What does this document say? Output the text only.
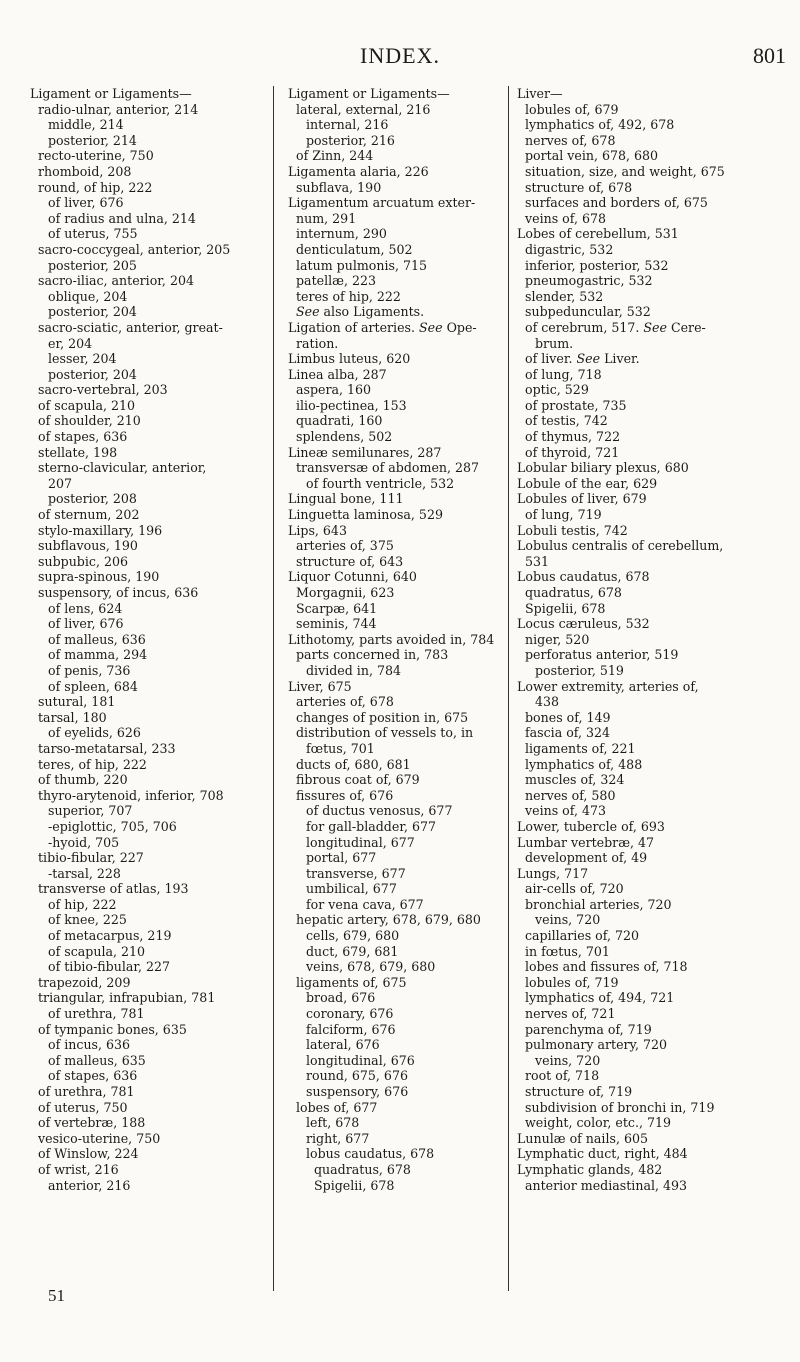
INDEX.	801
Ligament or Ligaments—
radio-ulnar, anterior, 214
middle, 214
posterior, 214
recto-uterine, 750
rhomboid, 208
round, of hip, 222
of liver, 676
of radius and ulna, 214
of uterus, 755
sacro-coccygeal, anterior, 205
posterior, 205
sacro-iliac, anterior, 204
oblique, 204
posterior, 204
sacro-sciatic, anterior, great-
er, 204
lesser, 204
posterior, 204
sacro-vertebral, 203
of scapula, 210
of shoulder, 210
of stapes, 636
stellate, 198
sterno-clavicular, anterior,
207
posterior, 208
of sternum, 202
stylo-maxillary, 196
subflavous, 190
subpubic, 206
supra-spinous, 190
suspensory, of incus, 636
of lens, 624
of liver, 676
of malleus, 636
of mamma, 294
of penis, 736
of spleen, 684
sutural, 181
tarsal, 180
of eyelids, 626
tarso-metatarsal, 233
teres, of hip, 222
of thumb, 220
thyro-arytenoid, inferior, 708
superior, 707
-epiglottic, 705, 706
-hyoid, 705
tibio-fibular, 227
-tarsal, 228
transverse of atlas, 193
of hip, 222
of knee, 225
of metacarpus, 219
of scapula, 210
of tibio-fibular, 227
trapezoid, 209
triangular, infrapubian, 781
of urethra, 781
of tympanic bones, 635
of incus, 636
of malleus, 635
of stapes, 636
of urethra, 781
of uterus, 750
of vertebræ, 188
vesico-uterine, 750
of Winslow, 224
of wrist, 216
anterior, 216
Ligament or Ligaments—
lateral, external, 216
internal, 216
posterior, 216
of Zinn, 244
Ligamenta alaria, 226
subflava, 190
Ligamentum arcuatum exter-
num, 291
internum, 290
denticulatum, 502
latum pulmonis, 715
patellæ, 223
teres of hip, 222
See also Ligaments.
Ligation of arteries. See Ope-
ration.
Limbus luteus, 620
Linea alba, 287
aspera, 160
ilio-pectinea, 153
quadrati, 160
splendens, 502
Lineæ semilunares, 287
transversæ of abdomen, 287
of fourth ventricle, 532
Lingual bone, 111
Linguetta laminosa, 529
Lips, 643
arteries of, 375
structure of, 643
Liquor Cotunni, 640
Morgagnii, 623
Scarpæ, 641
seminis, 744
Lithotomy, parts avoided in, 784
parts concerned in, 783
divided in, 784
Liver, 675
arteries of, 678
changes of position in, 675
distribution of vessels to, in
fœtus, 701
ducts of, 680, 681
fibrous coat of, 679
fissures of, 676
of ductus venosus, 677
for gall-bladder, 677
longitudinal, 677
portal, 677
transverse, 677
umbilical, 677
for vena cava, 677
hepatic artery, 678, 679, 680
cells, 679, 680
duct, 679, 681
veins, 678, 679, 680
ligaments of, 675
broad, 676
coronary, 676
falciform, 676
lateral, 676
longitudinal, 676
round, 675, 676
suspensory, 676
lobes of, 677
left, 678
right, 677
lobus caudatus, 678
quadratus, 678
Spigelii, 678
Liver—
lobules of, 679
lymphatics of, 492, 678
nerves of, 678
portal vein, 678, 680
situation, size, and weight, 675
structure of, 678
surfaces and borders of, 675
veins of, 678
Lobes of cerebellum, 531
digastric, 532
inferior, posterior, 532
pneumogastric, 532
slender, 532
subpeduncular, 532
of cerebrum, 517. See Cere-
brum.
of liver. See Liver.
of lung, 718
optic, 529
of prostate, 735
of testis, 742
of thymus, 722
of thyroid, 721
Lobular biliary plexus, 680
Lobule of the ear, 629
Lobules of liver, 679
of lung, 719
Lobuli testis, 742
Lobulus centralis of cerebellum,
531
Lobus caudatus, 678
quadratus, 678
Spigelii, 678
Locus cæruleus, 532
niger, 520
perforatus anterior, 519
posterior, 519
Lower extremity, arteries of,
438
bones of, 149
fascia of, 324
ligaments of, 221
lymphatics of, 488
muscles of, 324
nerves of, 580
veins of, 473
Lower, tubercle of, 693
Lumbar vertebræ, 47
development of, 49
Lungs, 717
air-cells of, 720
bronchial arteries, 720
veins, 720
capillaries of, 720
in fœtus, 701
lobes and fissures of, 718
lobules of, 719
lymphatics of, 494, 721
nerves of, 721
parenchyma of, 719
pulmonary artery, 720
veins, 720
root of, 718
structure of, 719
subdivision of bronchi in, 719
weight, color, etc., 719
Lunulæ of nails, 605
Lymphatic duct, right, 484
Lymphatic glands, 482
anterior mediastinal, 493
51
